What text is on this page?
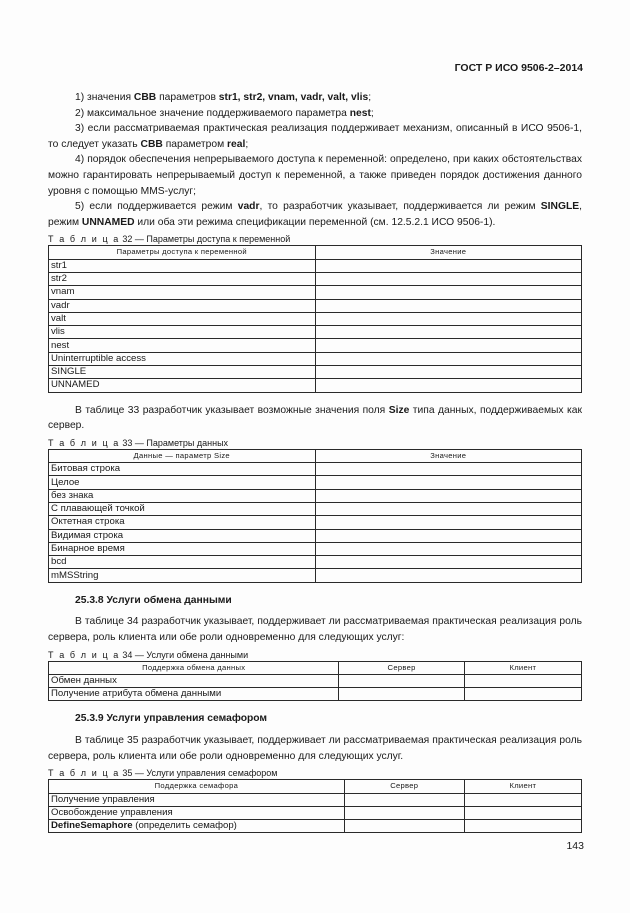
ГОСТ Р ИСО 9506-2–2014

1) значения CBB параметров str1, str2, vnam, vadr, valt, vlis;

2) максимальное значение поддерживаемого параметра nest;

3) если рассматриваемая практическая реализация поддерживает механизм, описанный в ИСО 9506-1, то следует указать CBB параметром real;

4) порядок обеспечения непрерываемого доступа к переменной: определено, при каких обстоятельствах можно гарантировать непрерываемый доступ к переменной, а также приведен порядок достижения данного уровня с помощью MMS-услуг;

5) если поддерживается режим vadr, то разработчик указывает, поддерживается ли режим SINGLE, режим UNNAMED или оба эти режима спецификации переменной (см. 12.5.2.1 ИСО 9506-1).

Т а б л и ц а 32 — Параметры доступа к переменной
Параметры доступа к переменной	Значение
str1	
str2	
vnam	
vadr	
valt	
vlis	
nest	
Uninterruptible access	
SINGLE	
UNNAMED	

В таблице 33 разработчик указывает возможные значения поля Size типа данных, поддерживаемых как сервер.

Т а б л и ц а 33 — Параметры данных
Данные — параметр Size	Значение
Битовая строка	
Целое	
без знака	
С плавающей точкой	
Октетная строка	
Видимая строка	
Бинарное время	
bcd	
mMSString	
25.3.8 Услуги обмена данными

В таблице 34 разработчик указывает, поддерживает ли рассматриваемая практическая реализация роль сервера, роль клиента или обе роли одновременно для следующих услуг:

Т а б л и ц а 34 — Услуги обмена данными
Поддержка обмена данных	Сервер	Клиент
Обмен данных		
Получение атрибута обмена данными		
25.3.9 Услуги управления семафором

В таблице 35 разработчик указывает, поддерживает ли рассматриваемая практическая реализация роль сервера, роль клиента или обе роли одновременно для следующих услуг.

Т а б л и ц а 35 — Услуги управления семафором
Поддержка семафора	Сервер	Клиент
Получение управления		
Освобождение управления		
DefineSemaphore (определить семафор)		
143
